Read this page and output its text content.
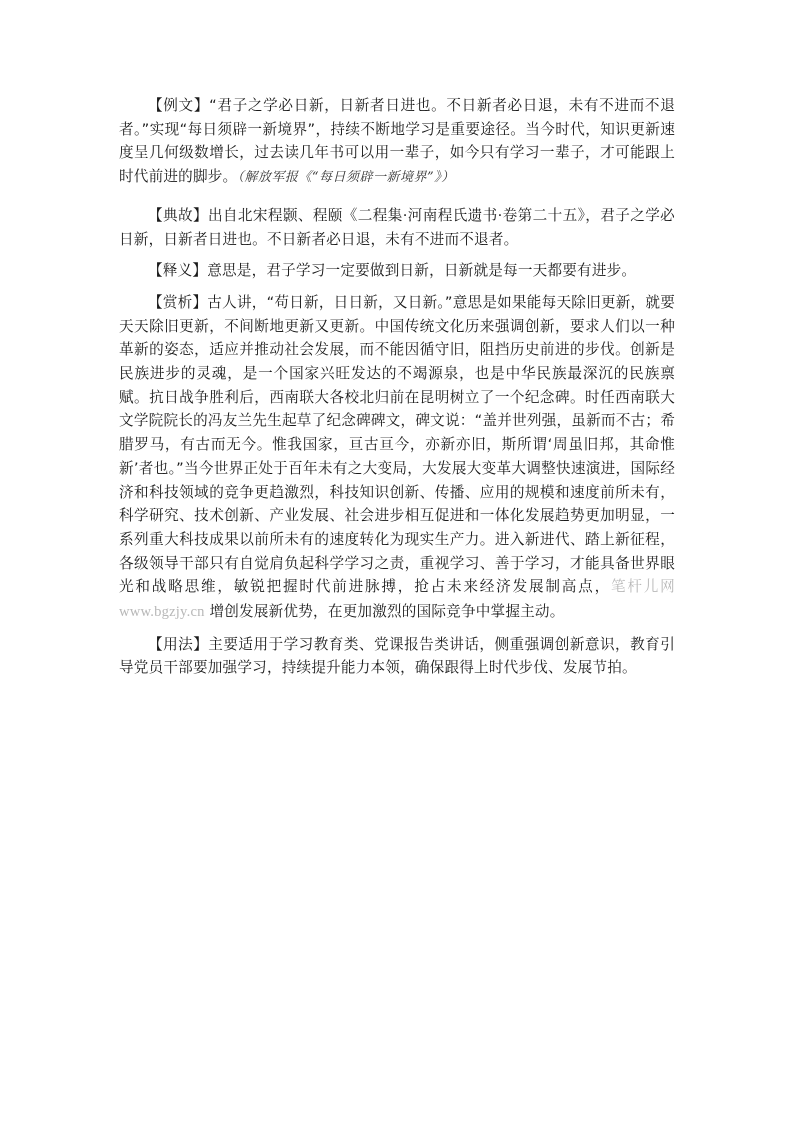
【例文】“君子之学必日新，日新者日进也。不日新者必日退，未有不进而不退者。”实现“每日须辟一新境界”，持续不断地学习是重要途径。当今时代，知识更新速度呈几何级数增长，过去读几年书可以用一辈子，如今只有学习一辈子，才可能跟上时代前进的脚步。（解放军报《“每日须辟一新境界”》）

【典故】出自北宋程颢、程颐《二程集·河南程氏遗书·卷第二十五》，君子之学必日新，日新者日进也。不日新者必日退，未有不进而不退者。

【释义】意思是，君子学习一定要做到日新，日新就是每一天都要有进步。

【赏析】古人讲，“苟日新，日日新，又日新。”意思是如果能每天除旧更新，就要天天除旧更新，不间断地更新又更新。中国传统文化历来强调创新，要求人们以一种革新的姿态，适应并推动社会发展，而不能因循守旧，阻挡历史前进的步伐。创新是民族进步的灵魂，是一个国家兴旺发达的不竭源泉，也是中华民族最深沉的民族禀赋。抗日战争胜利后，西南联大各校北归前在昆明树立了一个纪念碑。时任西南联大文学院院长的冯友兰先生起草了纪念碑碑文，碑文说：“盖并世列强，虽新而不古；希腊罗马，有古而无今。惟我国家，亘古亘今，亦新亦旧，斯所谓‘周虽旧邦，其命惟新’者也。”当今世界正处于百年未有之大变局，大发展大变革大调整快速演进，国际经济和科技领域的竞争更趋激烈，科技知识创新、传播、应用的规模和速度前所未有，科学研究、技术创新、产业发展、社会进步相互促进和一体化发展趋势更加明显，一系列重大科技成果以前所未有的速度转化为现实生产力。进入新进代、踏上新征程，各级领导干部只有自觉肩负起科学学习之责，重视学习、善于学习，才能具备世界眼光和战略思维，敏锐把握时代前进脉搏，抢占未来经济发展制高点，笔杆儿网 www.bgzjy.cn 增创发展新优势，在更加激烈的国际竞争中掌握主动。

【用法】主要适用于学习教育类、党课报告类讲话，侧重强调创新意识，教育引导党员干部要加强学习，持续提升能力本领，确保跟得上时代步伐、发展节拍。
